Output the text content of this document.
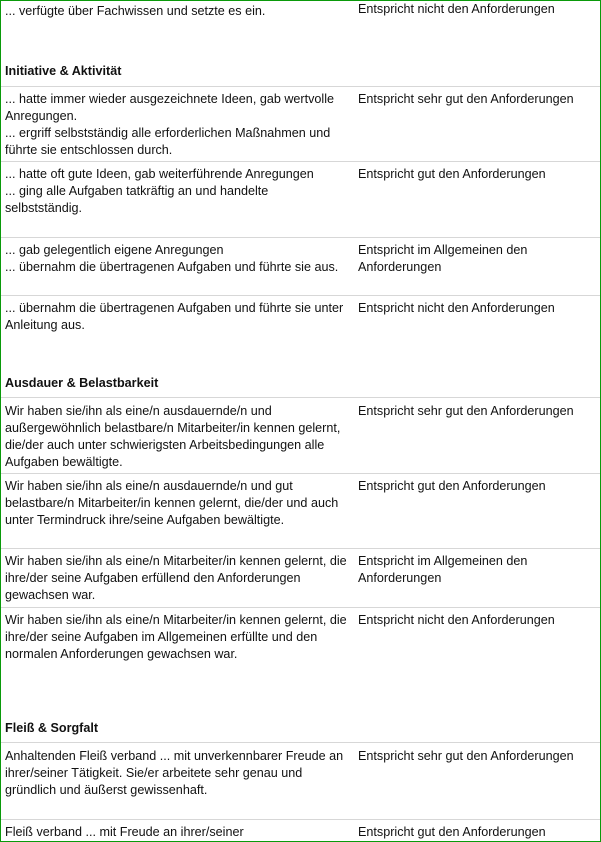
... verfügte über Fachwissen und setzte es ein.	Entspricht nicht den Anforderungen
Initiative & Aktivität
... hatte immer wieder ausgezeichnete Ideen, gab wertvolle Anregungen.
... ergriff selbstständig alle erforderlichen Maßnahmen und führte sie entschlossen durch.
Entspricht sehr gut den Anforderungen
... hatte oft gute Ideen, gab weiterführende Anregungen
... ging alle Aufgaben tatkräftig an und handelte selbstständig.
Entspricht gut den Anforderungen
... gab gelegentlich eigene Anregungen
... übernahm die übertragenen Aufgaben und führte sie aus.
Entspricht im Allgemeinen den Anforderungen
... übernahm die übertragenen Aufgaben und führte sie unter Anleitung aus.
Entspricht nicht den Anforderungen
Ausdauer & Belastbarkeit
Wir haben sie/ihn als eine/n ausdauernde/n und außergewöhnlich belastbare/n Mitarbeiter/in kennen gelernt, die/der auch unter schwierigsten Arbeitsbedingungen alle Aufgaben bewältigte.
Entspricht sehr gut den Anforderungen
Wir haben sie/ihn als eine/n ausdauernde/n und gut belastbare/n Mitarbeiter/in kennen gelernt, die/der und auch unter Termindruck ihre/seine Aufgaben bewältigte.
Entspricht gut den Anforderungen
Wir haben sie/ihn als eine/n Mitarbeiter/in kennen gelernt, die ihre/der seine Aufgaben erfüllend den Anforderungen gewachsen war.
Entspricht im Allgemeinen den Anforderungen
Wir haben sie/ihn als eine/n Mitarbeiter/in kennen gelernt, die ihre/der seine Aufgaben im Allgemeinen erfüllte und den normalen Anforderungen gewachsen war.
Entspricht nicht den Anforderungen
Fleiß & Sorgfalt
Anhaltenden Fleiß verband ... mit unverkennbarer Freude an ihrer/seiner Tätigkeit. Sie/er arbeitete sehr genau und gründlich und äußerst gewissenhaft.
Entspricht sehr gut den Anforderungen
Fleiß verband ... mit Freude an ihrer/seiner	Entspricht gut den Anforderungen
